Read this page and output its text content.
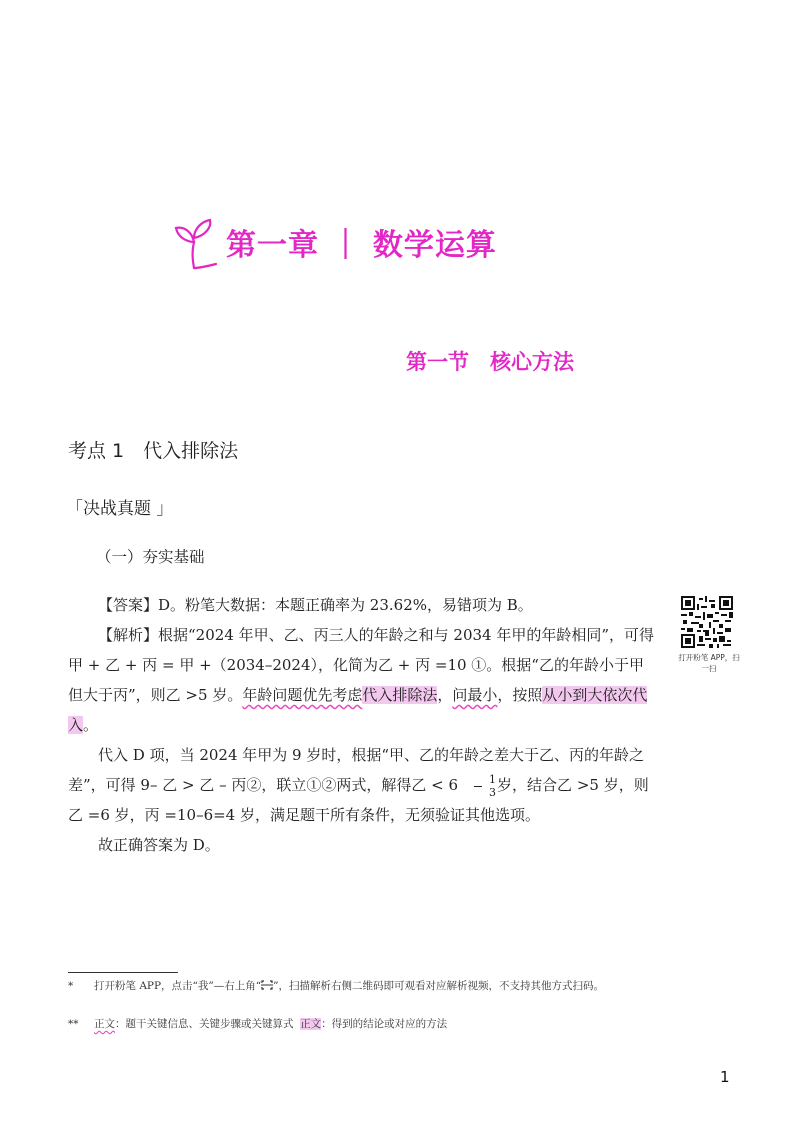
第一章 ｜ 数学运算
第一节　核心方法
考点 1　代入排除法
「决战真题 」
（一）夯实基础

【答案】D。粉笔大数据：本题正确率为 23.62%，易错项为 B。

【解析】根据“2024 年甲、乙、丙三人的年龄之和与 2034 年甲的年龄相同”，可得甲 + 乙 + 丙 = 甲 +（2034–2024），化简为乙 + 丙 =10 ①。根据“乙的年龄小于甲但大于丙”，则乙 >5 岁。年龄问题优先考虑代入排除法，问最小，按照从小到大依次代入。

代入 D 项，当 2024 年甲为 9 岁时，根据“甲、乙的年龄之差大于乙、丙的年龄之差”，可得 9– 乙 > 乙 – 丙②，联立①②两式，解得乙 < $6 \frac{1}{3}$ 岁，结合乙 >5 岁，则乙 =6 岁，丙 =10–6=4 岁，满足题干所有条件，无须验证其他选项。

故正确答案为 D。

打开粉笔 APP，扫一扫
* 打开粉笔 APP，点击“我”—右上角“ ”，扫描解析右侧二维码即可观看对应解析视频，不支持其他方式扫码。
** 正文：题干关键信息、关键步骤或关键算式 正文：得到的结论或对应的方法
1
